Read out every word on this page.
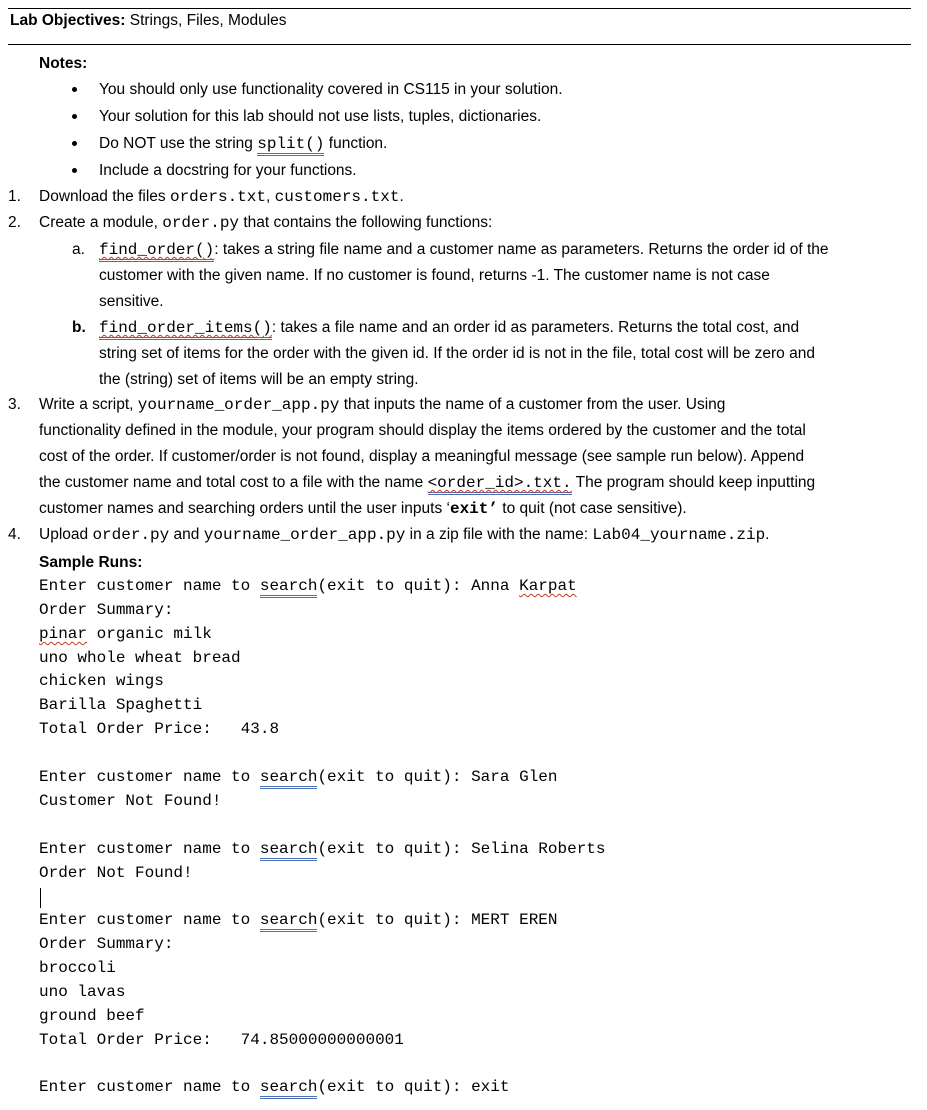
Lab Objectives: Strings, Files, Modules
Notes:
You should only use functionality covered in CS115 in your solution.
Your solution for this lab should not use lists, tuples, dictionaries.
Do NOT use the string split() function.
Include a docstring for your functions.
1. Download the files orders.txt, customers.txt.
2. Create a module, order.py that contains the following functions:
a. find_order(): takes a string file name and a customer name as parameters. Returns the order id of the
customer with the given name. If no customer is found, returns -1. The customer name is not case
sensitive.
b. find_order_items(): takes a file name and an order id as parameters. Returns the total cost, and
string set of items for the order with the given id. If the order id is not in the file, total cost will be zero and
the (string) set of items will be an empty string.
3. Write a script, yourname_order_app.py that inputs the name of a customer from the user. Using
functionality defined in the module, your program should display the items ordered by the customer and the total
cost of the order. If customer/order is not found, display a meaningful message (see sample run below). Append
the customer name and total cost to a file with the name <order_id>.txt. The program should keep inputting
customer names and searching orders until the user inputs ‘exit’ to quit (not case sensitive).
4. Upload order.py and yourname_order_app.py in a zip file with the name: Lab04_yourname.zip.
Sample Runs:
Enter customer name to search(exit to quit): Anna Karpat
Order Summary:
pinar organic milk
uno whole wheat bread
chicken wings
Barilla Spaghetti
Total Order Price:   43.8
Enter customer name to search(exit to quit): Sara Glen
Customer Not Found!
Enter customer name to search(exit to quit): Selina Roberts
Order Not Found!
Enter customer name to search(exit to quit): MERT EREN
Order Summary:
broccoli
uno lavas
ground beef
Total Order Price:   74.85000000000001
Enter customer name to search(exit to quit): exit
